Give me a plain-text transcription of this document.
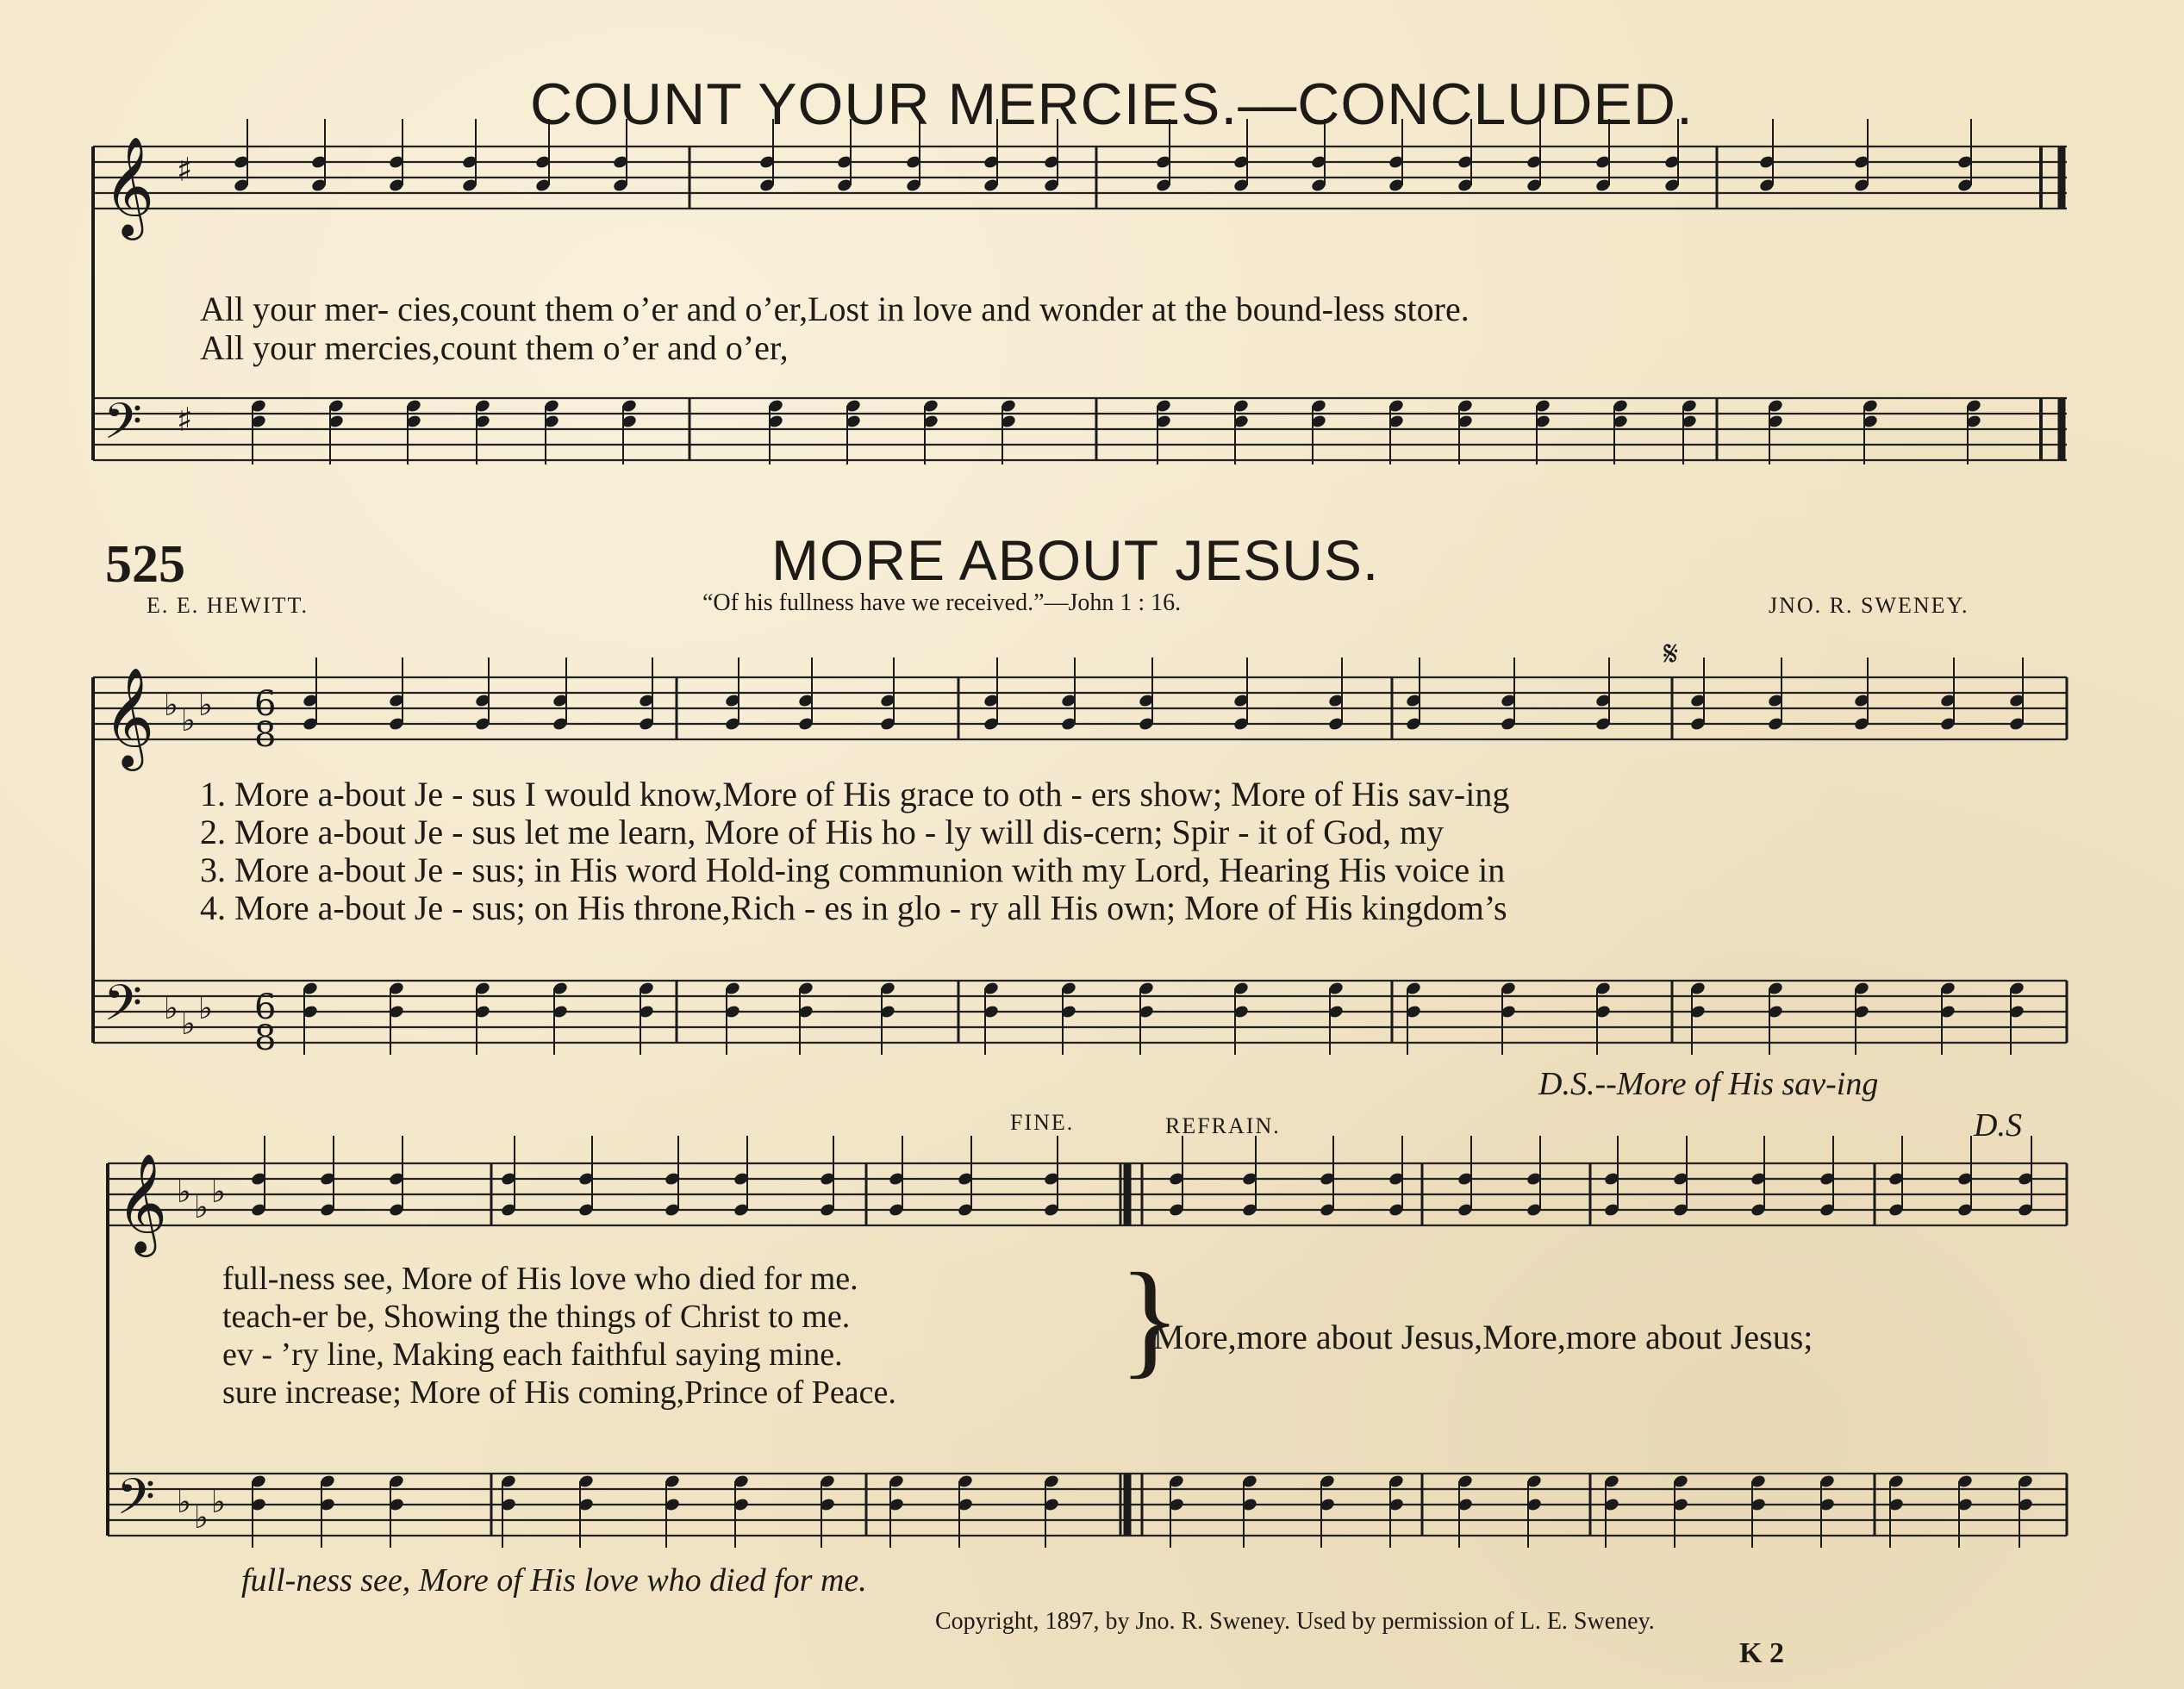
𝄞
𝄢
𝄞
𝄢
𝄞
𝄢
6
8
6
8
♯
♯
♭
♭
♭
♭
♭
♭
♭
♭
♭
♭
♭
♭
𝄋
COUNT YOUR MERCIES.—CONCLUDED.
All your mer- cies,count them o’er and o’er,Lost in love and wonder at the bound-less store.
All your mercies,count them o’er and o’er,
525	MORE ABOUT JESUS.
E. E. HEWITT.	“Of his fullness have we received.”—John 1 : 16.	JNO. R. SWENEY.
1. More a-bout Je - sus I would know,More of His grace to oth - ers show; More of His sav-ing
2. More a-bout Je - sus let me learn, More of His ho - ly will dis-cern; Spir - it of God, my
3. More a-bout Je - sus; in His word Hold-ing communion with my Lord, Hearing His voice in
4. More a-bout Je - sus; on His throne,Rich - es in glo - ry all His own; More of His kingdom’s
D.S.--More of His sav-ing
FINE.	REFRAIN.	D.S
full-ness see, More of His love who died for me.
teach-er be, Showing the things of Christ to me.
ev - ’ry line, Making each faithful saying mine.
sure increase; More of His coming,Prince of Peace.
}
More,more about Jesus,More,more about Jesus;
full-ness see, More of His love who died for me.
Copyright, 1897, by Jno. R. Sweney. Used by permission of L. E. Sweney.
K 2
